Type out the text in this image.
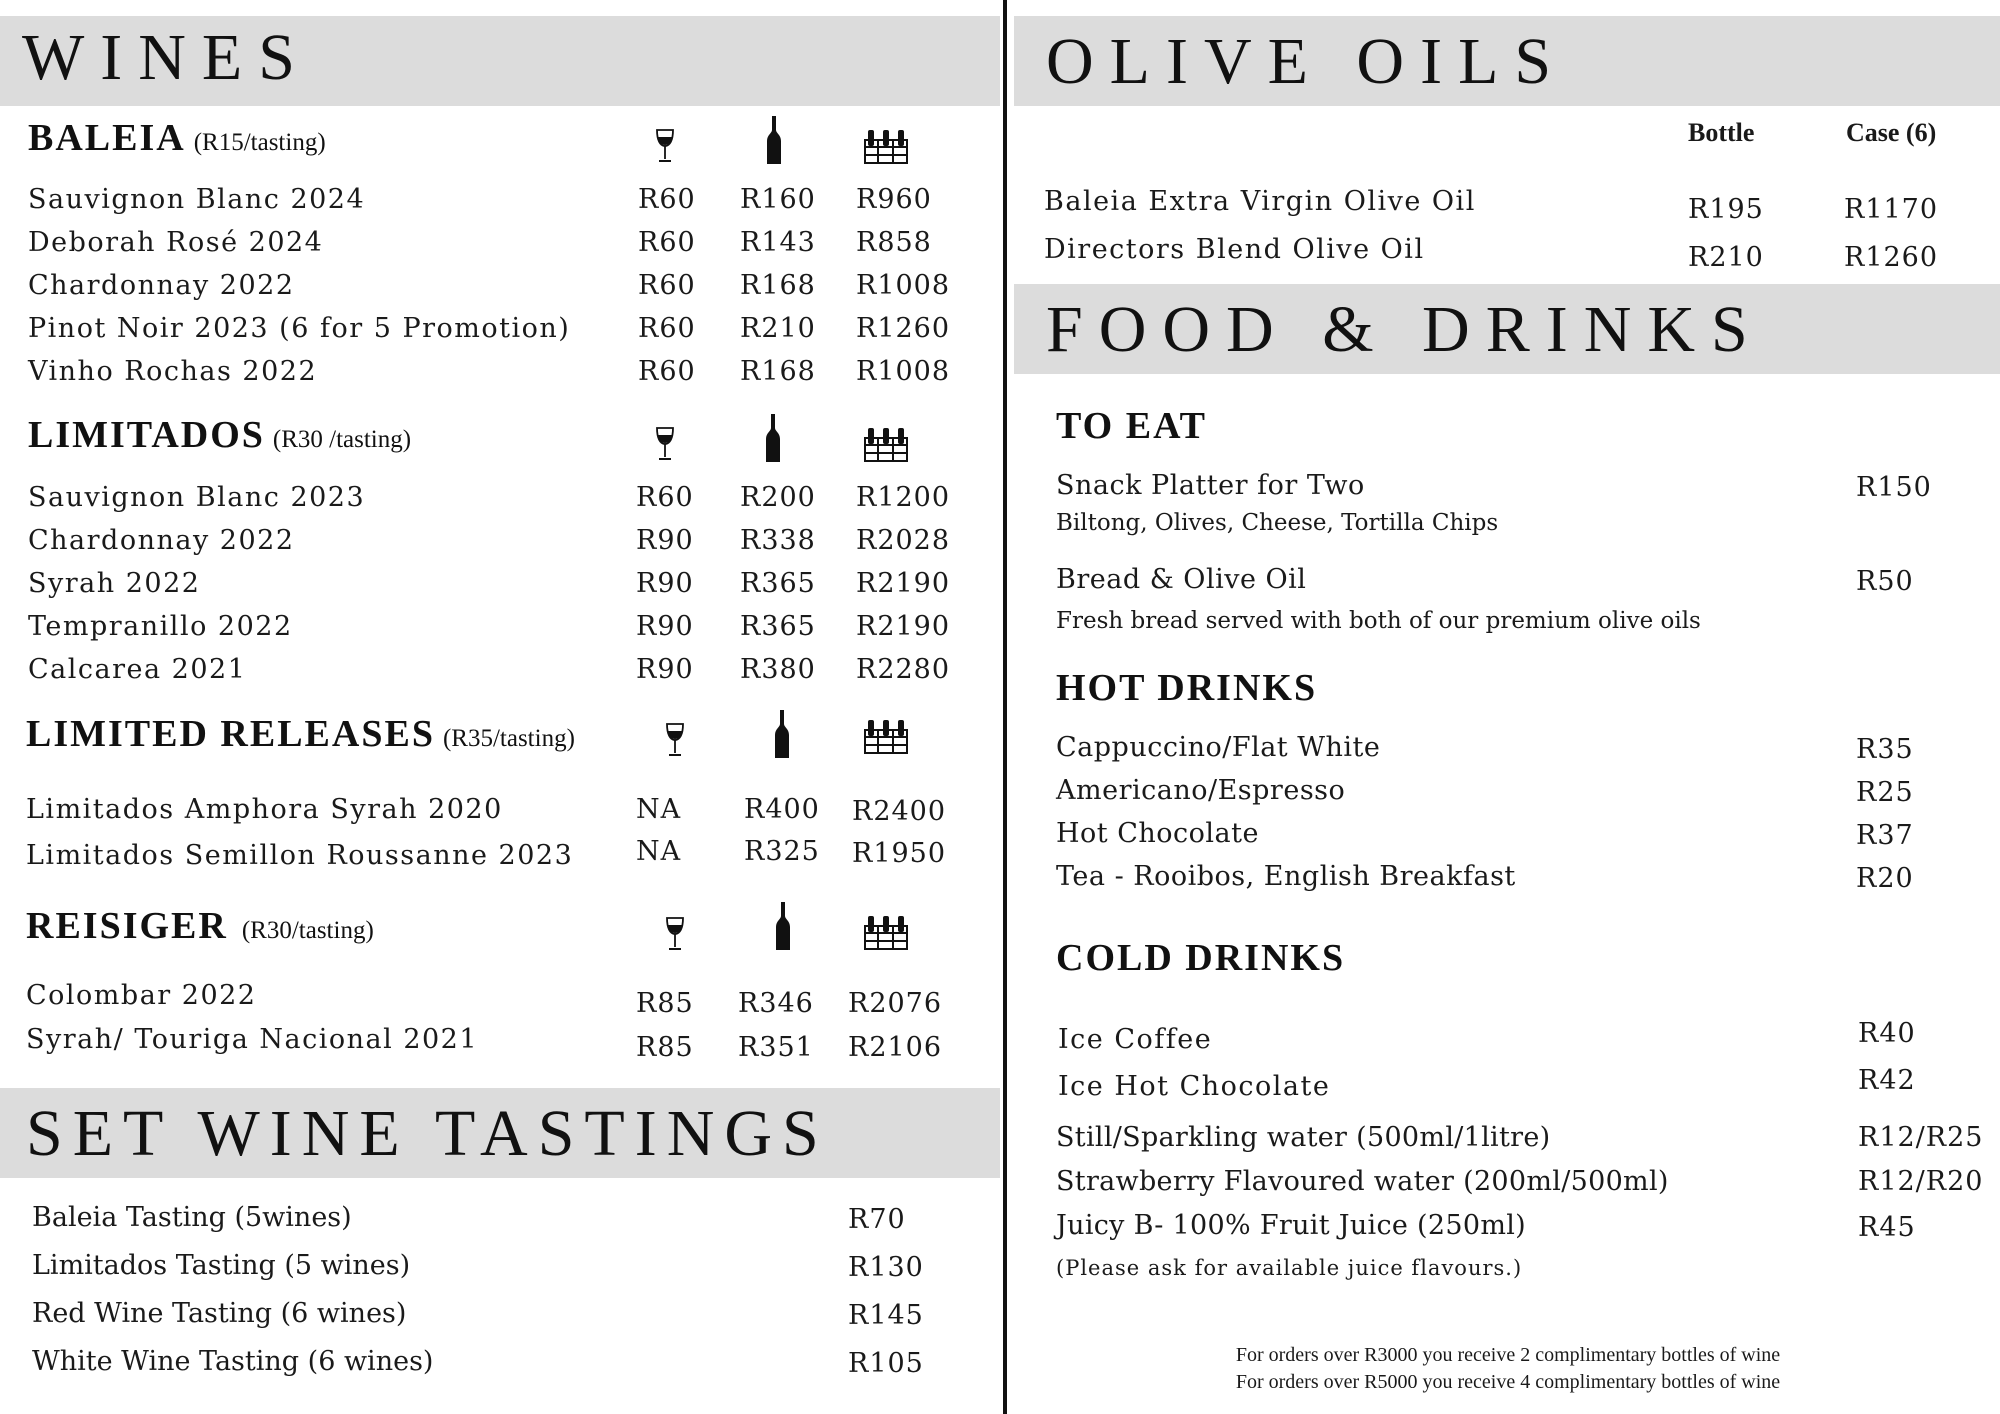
WINES
BALEIA (R15/tasting)
Sauvignon Blanc 2024	R60 R160 R960
Deborah Rosé 2024	R60 R143 R858
Chardonnay 2022	R60 R168 R1008
Pinot Noir 2023 (6 for 5 Promotion)	R60 R210 R1260
Vinho Rochas 2022	R60 R168 R1008
LIMITADOS (R30 /tasting)
Sauvignon Blanc 2023	R60 R200 R1200
Chardonnay 2022	R90 R338 R2028
Syrah 2022	R90 R365 R2190
Tempranillo 2022	R90 R365 R2190
Calcarea 2021	R90 R380 R2280
LIMITED RELEASES (R35/tasting)
Limitados Amphora Syrah 2020	NA R400 R2400
Limitados Semillon Roussanne 2023 NA R325 R1950
REISIGER (R30/tasting)
Colombar 2022	R85 R346 R2076
Syrah/ Touriga Nacional 2021	R85 R351 R2106
SET WINE TASTINGS
Baleia Tasting (5wines)	R70
Limitados Tasting (5 wines)	R130
Red Wine Tasting (6 wines)	R145
White Wine Tasting (6 wines)	R105
OLIVE OILS
Bottle	Case (6)
Baleia Extra Virgin Olive Oil	R195	R1170
Directors Blend Olive Oil	R210	R1260
FOOD & DRINKS
TO EAT
Snack Platter for Two	R150
Biltong, Olives, Cheese, Tortilla Chips
Bread & Olive Oil	R50
Fresh bread served with both of our premium olive oils
HOT DRINKS
Cappuccino/Flat White	R35
Americano/Espresso	R25
Hot Chocolate	R37
Tea - Rooibos, English Breakfast	R20
COLD DRINKS
Ice Coffee	R40
Ice Hot Chocolate	R42
Still/Sparkling water (500ml/1litre)	R12/R25
Strawberry Flavoured water (200ml/500ml)	R12/R20
Juicy B- 100% Fruit Juice (250ml)	R45
(Please ask for available juice flavours.)
For orders over R3000 you receive 2 complimentary bottles of wine
For orders over R5000 you receive 4 complimentary bottles of wine
